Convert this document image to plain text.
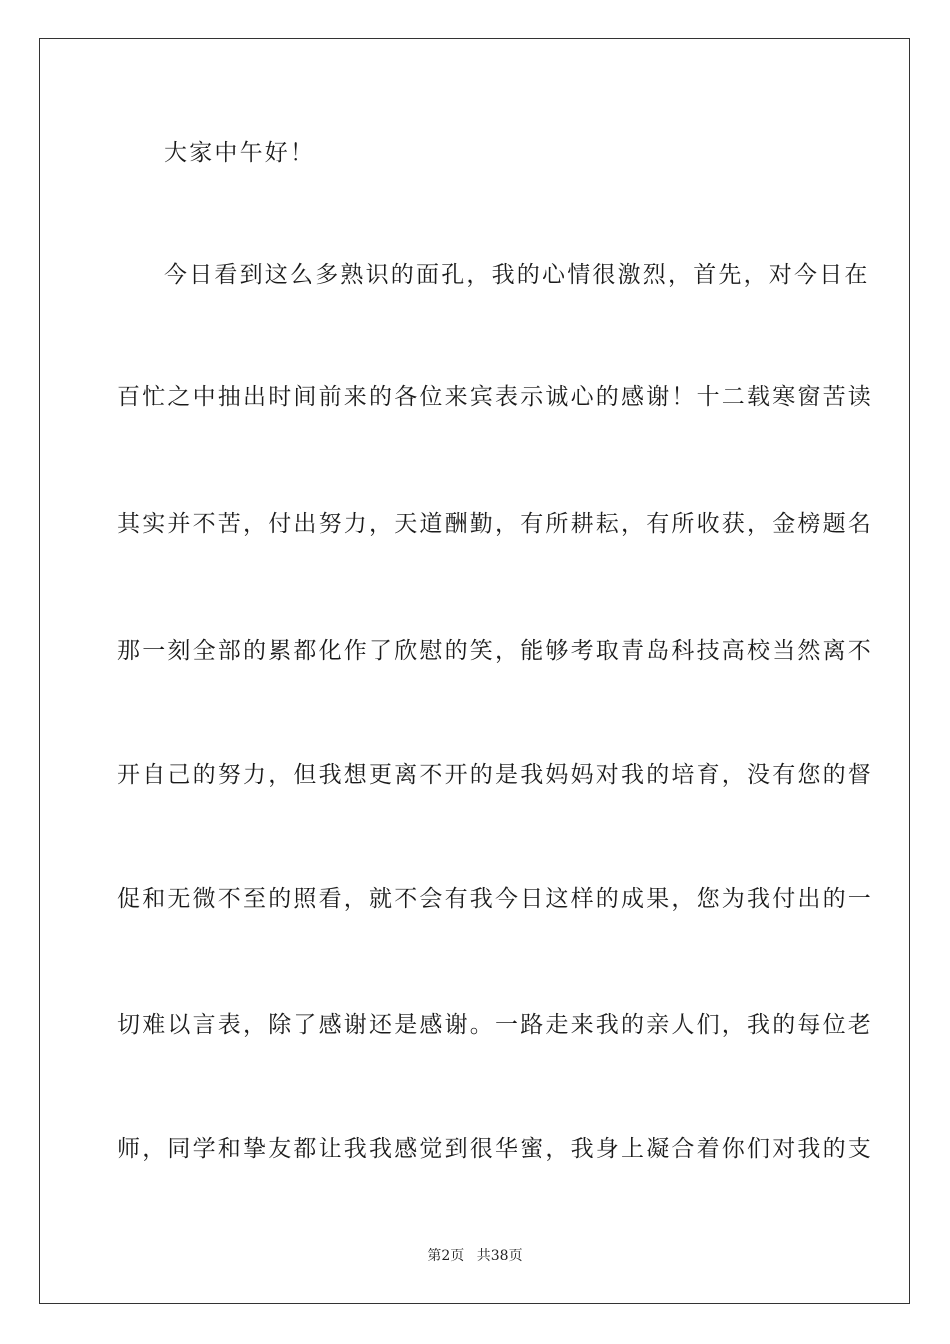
大家中午好！
今日看到这么多熟识的面孔，我的心情很激烈，首先，对今日在
百忙之中抽出时间前来的各位来宾表示诚心的感谢！十二载寒窗苦读
其实并不苦，付出努力，天道酬勤，有所耕耘，有所收获，金榜题名
那一刻全部的累都化作了欣慰的笑，能够考取青岛科技高校当然离不
开自己的努力，但我想更离不开的是我妈妈对我的培育，没有您的督
促和无微不至的照看，就不会有我今日这样的成果，您为我付出的一
切难以言表，除了感谢还是感谢。一路走来我的亲人们，我的每位老
师，同学和挚友都让我我感觉到很华蜜，我身上凝合着你们对我的支
第2页 共38页
